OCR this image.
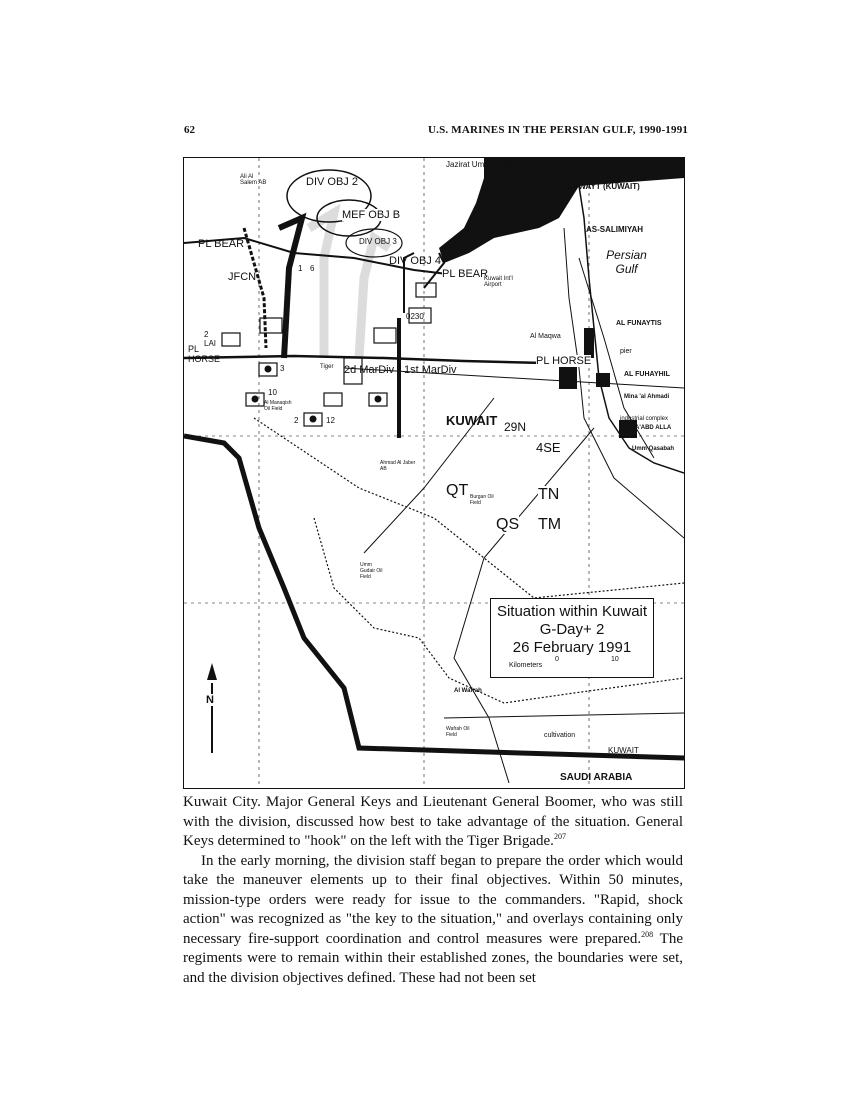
62	U.S. MARINES IN THE PERSIAN GULF, 1990-1991
Jazirat Umm an Nami	Ra's Ajuzah harbour
AL' KUWAYT (KUWAIT)
Ali Al Salem AB	DIV OBJ 2
MEF OBJ B
DIV OBJ 3
DIV OBJ 4
PL BEAR
PL BEAR
AS-SALIMIYAH
Persian Gulf
Kuwait Int'l Airport
JFCN
1 6
0230
AL FUNAYTIS
2 LAI
PL HORSE
Al Maqwa
pier
PL HORSE
2d MarDiv 1st MarDiv
Tiger
AL FUHAYHIL
Mina 'al Ahmadi
Al Manaqish Oil Field
10
3
2	12	industrial complex
MINA'ABD ALLA
KUWAIT 29N
4SE	Umm Qasabah
Ahmad Al Jaber AB
QT Burgan Oil Field	TN
QS TM
Umm Gudair Oil Field
Al Wafrah
Wafrah Oil Field	cultivation
KUWAIT
SAUDI ARABIA
N
Situation within Kuwait
G-Day+ 2
26 February 1991
Kilometers
0	10

Kuwait City. Major General Keys and Lieutenant General Boomer, who was still with the division, discussed how best to take advantage of the situation. General Keys determined to "hook" on the left with the Tiger Brigade.$^{207}$

In the early morning, the division staff began to prepare the order which would take the maneuver elements up to their final objectives. Within 50 minutes, mission-type orders were ready for issue to the commanders. "Rapid, shock action" was recognized as "the key to the situation," and overlays containing only necessary fire-support coordination and control measures were prepared.$^{208}$ The regiments were to remain within their established zones, the boundaries were set, and the division objectives defined. These had not been set
